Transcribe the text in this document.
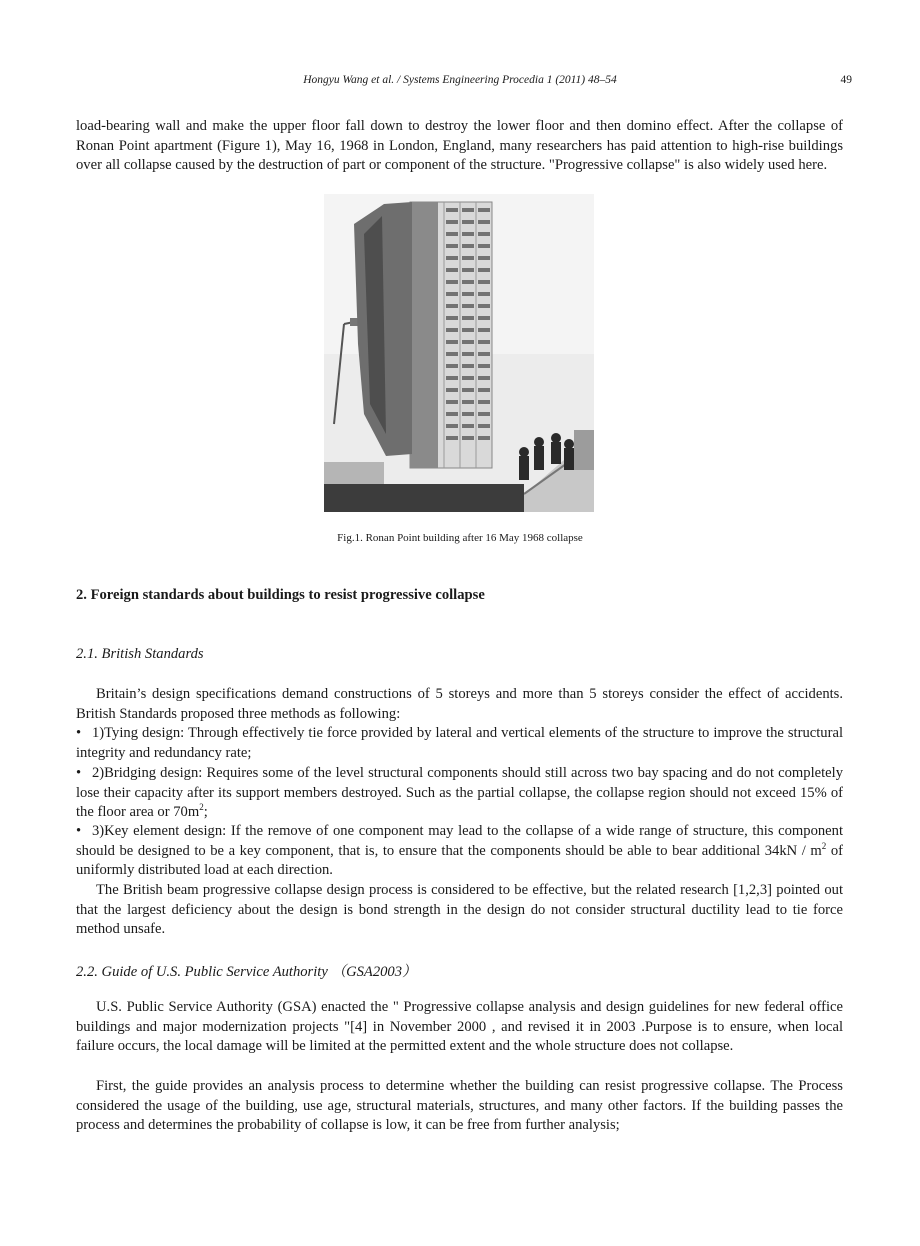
Hongyu Wang et al. / Systems Engineering Procedia 1 (2011) 48–54	49

load-bearing wall and make the upper floor fall down to destroy the lower floor and then domino effect. After the collapse of Ronan Point apartment (Figure 1), May 16, 1968 in London, England, many researchers has paid attention to high-rise buildings over all collapse caused by the destruction of part or component of the structure. "Progressive collapse" is also widely used here.

Fig.1. Ronan Point building after 16 May 1968 collapse
2. Foreign standards about buildings to resist progressive collapse
2.1. British Standards

Britain’s design specifications demand constructions of 5 storeys and more than 5 storeys consider the effect of accidents. British Standards proposed three methods as following:

• 1)Tying design: Through effectively tie force provided by lateral and vertical elements of the structure to improve the structural integrity and redundancy rate;

• 2)Bridging design: Requires some of the level structural components should still across two bay spacing and do not completely lose their capacity after its support members destroyed. Such as the partial collapse, the collapse region should not exceed 15% of the floor area or $70m^2$;

• 3)Key element design: If the remove of one component may lead to the collapse of a wide range of structure, this component should be designed to be a key component, that is, to ensure that the components should be able to bear additional $34kN / m^2$ of uniformly distributed load at each direction.

The British beam progressive collapse design process is considered to be effective, but the related research [1,2,3] pointed out that the largest deficiency about the design is bond strength in the design do not consider structural ductility lead to tie force method unsafe.

2.2. Guide of U.S. Public Service Authority （GSA2003）

U.S. Public Service Authority (GSA) enacted the " Progressive collapse analysis and design guidelines for new federal office buildings and major modernization projects "[4] in November 2000 , and revised it in 2003 .Purpose is to ensure, when local failure occurs, the local damage will be limited at the permitted extent and the whole structure does not collapse.

First, the guide provides an analysis process to determine whether the building can resist progressive collapse. The Process considered the usage of the building, use age, structural materials, structures, and many other factors. If the building passes the process and determines the probability of collapse is low, it can be free from further analysis;
